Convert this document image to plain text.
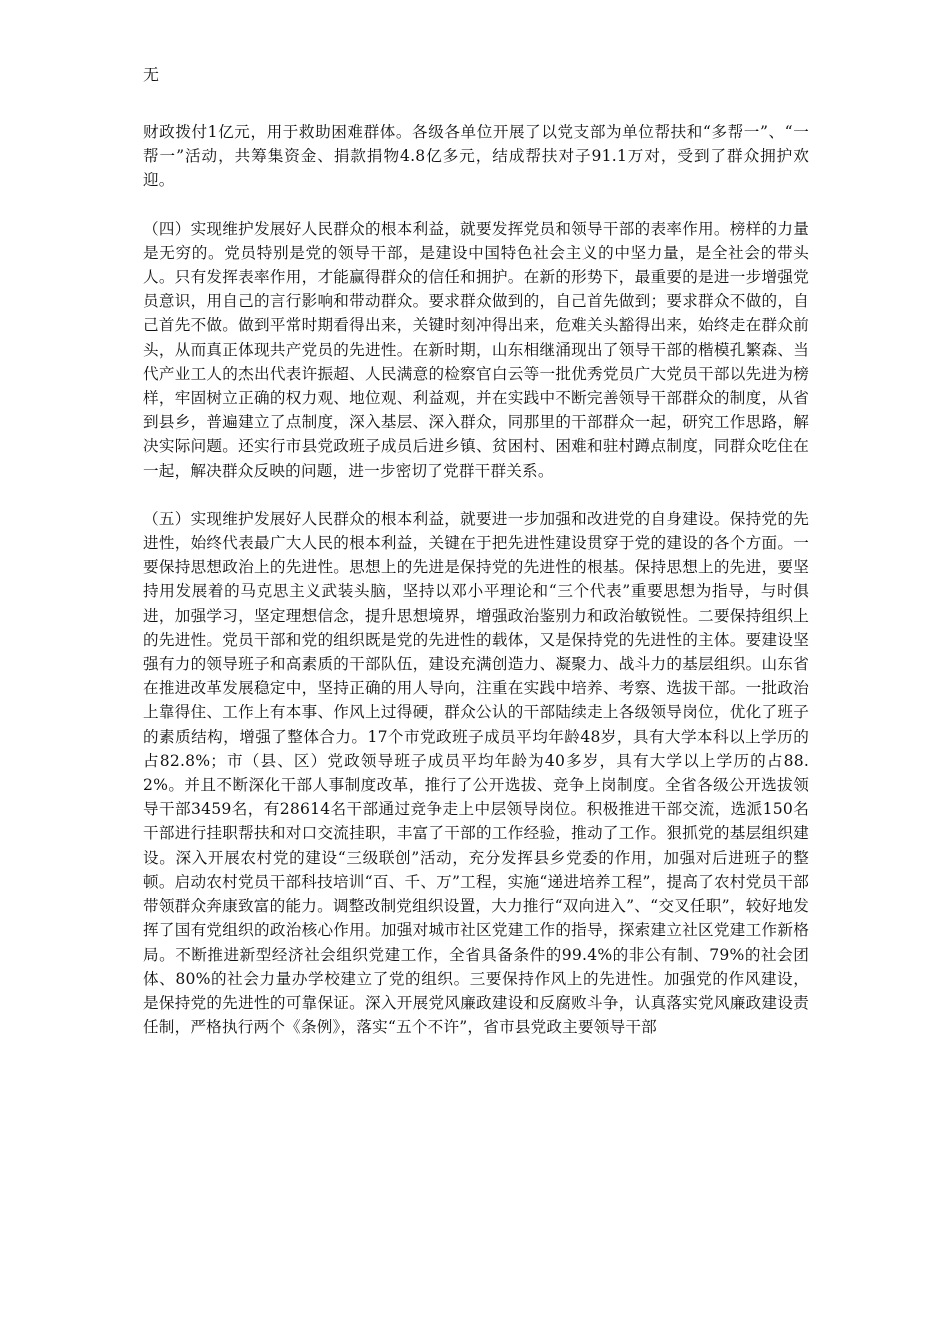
无

财政拨付1亿元，用于救助困难群体。各级各单位开展了以党支部为单位帮扶和“多帮一”、“一帮一”活动，共筹集资金、捐款捐物4.8亿多元，结成帮扶对子91.1万对，受到了群众拥护欢迎。

（四）实现维护发展好人民群众的根本利益，就要发挥党员和领导干部的表率作用。榜样的力量是无穷的。党员特别是党的领导干部，是建设中国特色社会主义的中坚力量，是全社会的带头人。只有发挥表率作用，才能赢得群众的信任和拥护。在新的形势下，最重要的是进一步增强党员意识，用自己的言行影响和带动群众。要求群众做到的，自己首先做到；要求群众不做的，自己首先不做。做到平常时期看得出来，关键时刻冲得出来，危难关头豁得出来，始终走在群众前头，从而真正体现共产党员的先进性。在新时期，山东相继涌现出了领导干部的楷模孔繁森、当代产业工人的杰出代表许振超、人民满意的检察官白云等一批优秀党员广大党员干部以先进为榜样，牢固树立正确的权力观、地位观、利益观，并在实践中不断完善领导干部群众的制度，从省到县乡，普遍建立了点制度，深入基层、深入群众，同那里的干部群众一起，研究工作思路，解决实际问题。还实行市县党政班子成员后进乡镇、贫困村、困难和驻村蹲点制度，同群众吃住在一起，解决群众反映的问题，进一步密切了党群干群关系。

（五）实现维护发展好人民群众的根本利益，就要进一步加强和改进党的自身建设。保持党的先进性，始终代表最广大人民的根本利益，关键在于把先进性建设贯穿于党的建设的各个方面。一要保持思想政治上的先进性。思想上的先进是保持党的先进性的根基。保持思想上的先进，要坚持用发展着的马克思主义武装头脑，坚持以邓小平理论和“三个代表”重要思想为指导，与时俱进，加强学习，坚定理想信念，提升思想境界，增强政治鉴别力和政治敏锐性。二要保持组织上的先进性。党员干部和党的组织既是党的先进性的载体，又是保持党的先进性的主体。要建设坚强有力的领导班子和高素质的干部队伍，建设充满创造力、凝聚力、战斗力的基层组织。山东省在推进改革发展稳定中，坚持正确的用人导向，注重在实践中培养、考察、选拔干部。一批政治上靠得住、工作上有本事、作风上过得硬，群众公认的干部陆续走上各级领导岗位，优化了班子的素质结构，增强了整体合力。17个市党政班子成员平均年龄48岁，具有大学本科以上学历的占82.8%；市（县、区）党政领导班子成员平均年龄为40多岁，具有大学以上学历的占88.2%。并且不断深化干部人事制度改革，推行了公开选拔、竞争上岗制度。全省各级公开选拔领导干部3459名，有28614名干部通过竞争走上中层领导岗位。积极推进干部交流，选派150名干部进行挂职帮扶和对口交流挂职，丰富了干部的工作经验，推动了工作。狠抓党的基层组织建设。深入开展农村党的建设“三级联创”活动，充分发挥县乡党委的作用，加强对后进班子的整顿。启动农村党员干部科技培训“百、千、万”工程，实施“递进培养工程”，提高了农村党员干部带领群众奔康致富的能力。调整改制党组织设置，大力推行“双向进入”、“交叉任职”，较好地发挥了国有党组织的政治核心作用。加强对城市社区党建工作的指导，探索建立社区党建工作新格局。不断推进新型经济社会组织党建工作，全省具备条件的99.4%的非公有制、79%的社会团体、80%的社会力量办学校建立了党的组织。三要保持作风上的先进性。加强党的作风建设，是保持党的先进性的可靠保证。深入开展党风廉政建设和反腐败斗争，认真落实党风廉政建设责任制，严格执行两个《条例》，落实“五个不许”，省市县党政主要领导干部
